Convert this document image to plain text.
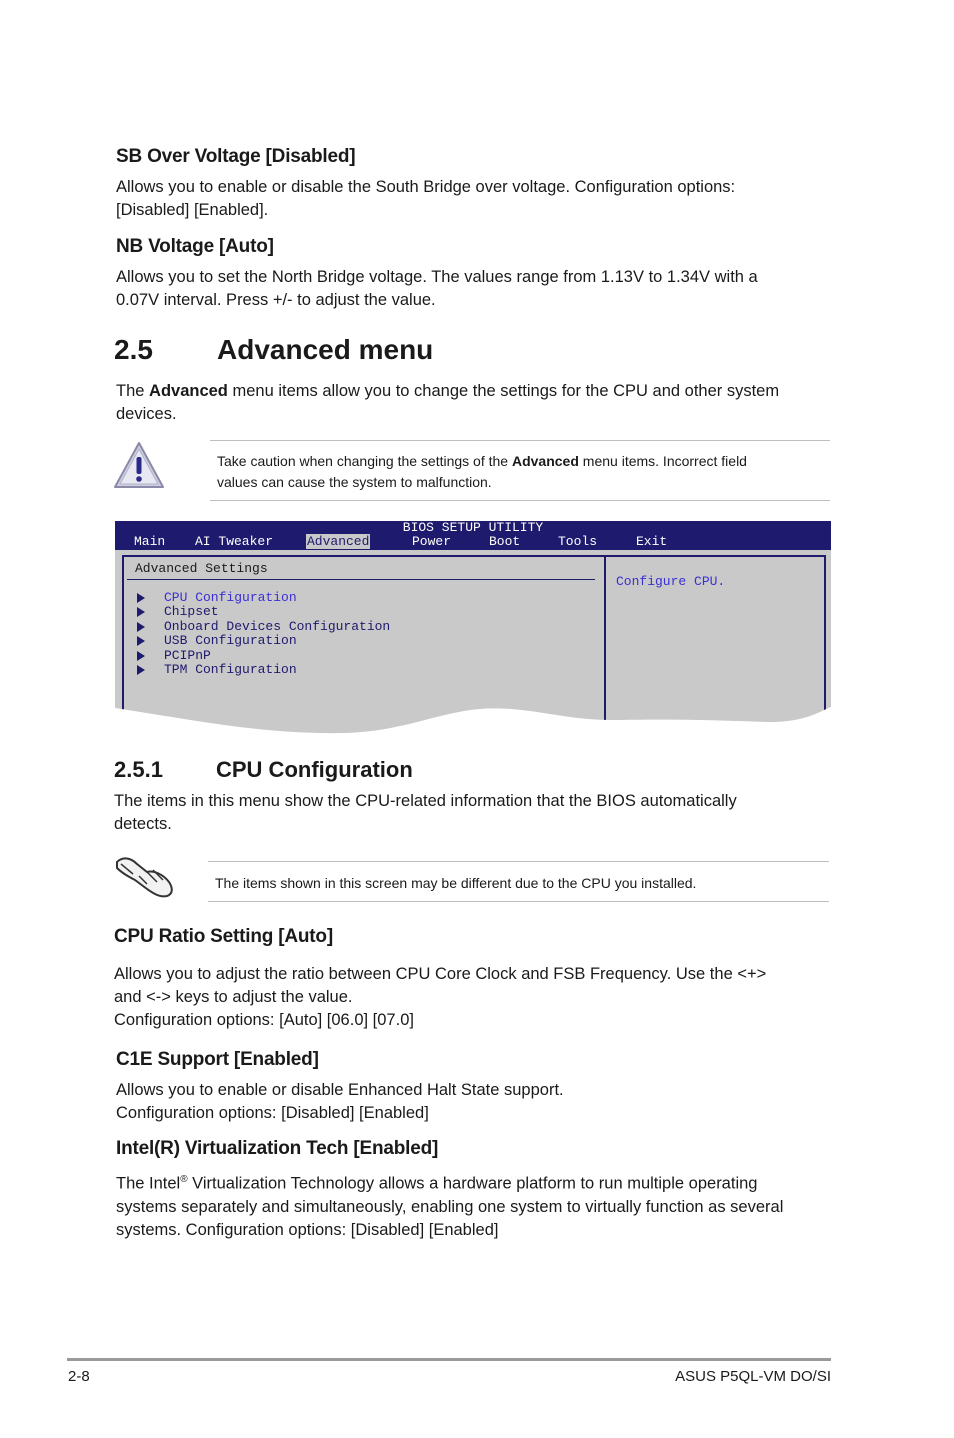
SB Over Voltage [Disabled]
Allows you to enable or disable the South Bridge over voltage. Configuration options:
[Disabled] [Enabled].
NB Voltage [Auto]
Allows you to set the North Bridge voltage. The values range from 1.13V to 1.34V with a
0.07V interval. Press +/- to adjust the value.
2.5 Advanced menu
The Advanced menu items allow you to change the settings for the CPU and other system
devices.
Take caution when changing the settings of the Advanced menu items. Incorrect field
values can cause the system to malfunction.
BIOS SETUP UTILITY
Main AI Tweaker	Advanced	Power	Boot	Tools	Exit
Advanced Settings
CPU Configuration
Chipset
Onboard Devices Configuration
USB Configuration
PCIPnP
TPM Configuration
Configure CPU.
2.5.1 CPU Configuration
The items in this menu show the CPU-related information that the BIOS automatically
detects.
The items shown in this screen may be different due to the CPU you installed.
CPU Ratio Setting [Auto]
Allows you to adjust the ratio between CPU Core Clock and FSB Frequency. Use the <+>
and <-> keys to adjust the value.
Configuration options: [Auto] [06.0] [07.0]
C1E Support [Enabled]
Allows you to enable or disable Enhanced Halt State support.
Configuration options: [Disabled] [Enabled]
Intel(R) Virtualization Tech [Enabled]
The Intel® Virtualization Technology allows a hardware platform to run multiple operating
systems separately and simultaneously, enabling one system to virtually function as several
systems. Configuration options: [Disabled] [Enabled]
2-8	ASUS P5QL-VM DO/SI
